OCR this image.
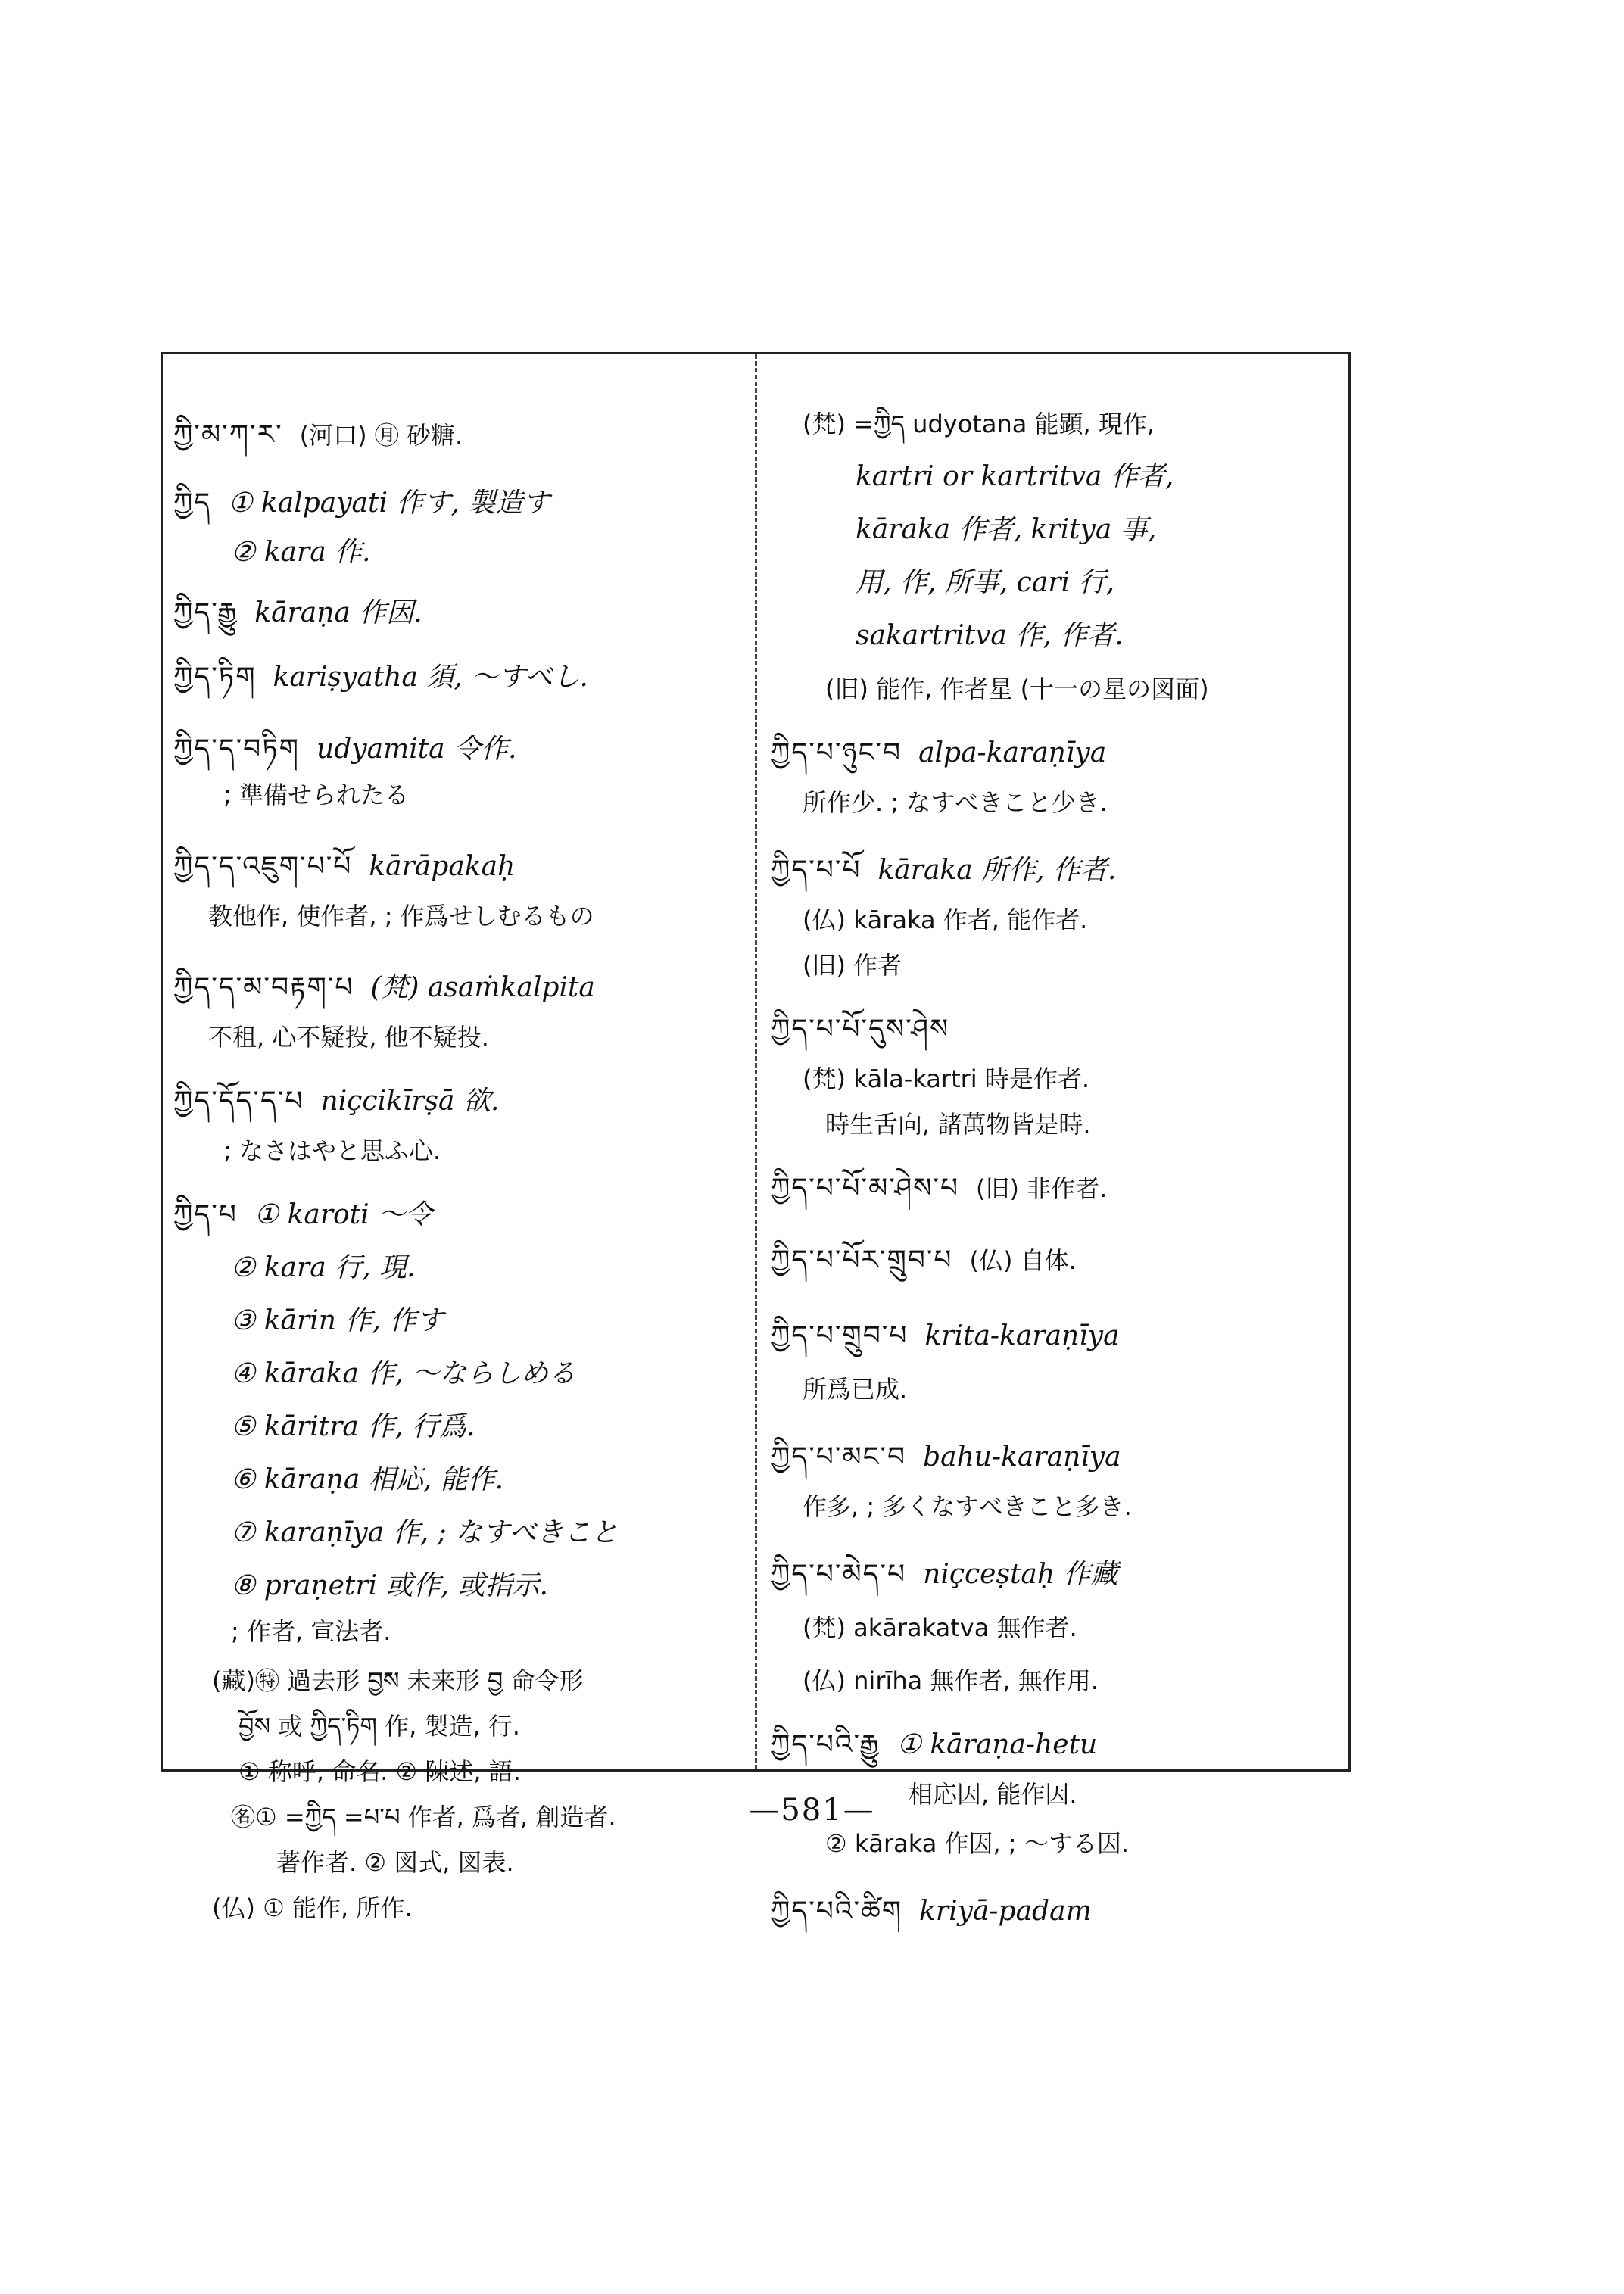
ཀྱི་མ་ཀ་ར་ (河口) ㊊ 砂糖.
ཀྱིད ① kalpayati 作す, 製造す
② kara 作.
ཀྱིད་རྒྱུ kāraṇa 作因.
ཀྱིད་ཏིག kariṣyatha 須, 〜すべし.
ཀྱིད་ད་བཏིག udyamita 令作.
; 準備せられたる
ཀྱིད་ད་འཇུག་པ་པོ kārāpakaḥ
教他作, 使作者, ; 作爲せしむるもの
ཀྱིད་ད་མ་བརྟག་པ (梵) asaṁkalpita
不租, 心不疑投, 他不疑投.
ཀྱིད་དོད་ད་པ niçcikīrṣā 欲.
; なさはやと思ふ心.
ཀྱིད་པ ① karoti 〜令
② kara 行, 現.
③ kārin 作, 作す
④ kāraka 作, 〜ならしめる
⑤ kāritra 作, 行爲.
⑥ kāraṇa 相応, 能作.
⑦ karaṇīya 作, ; なすべきこと
⑧ praṇetri 或作, 或指示.
; 作者, 宣法者.
(藏)㊕ 過去形 བྱས 未来形 བྱ 命令形
བྱོས 或 ཀྱིད་ཏིག 作, 製造, 行.
① 称呼, 命名. ② 陳述, 語.
㊔① =ཀྱིད =པ་པ 作者, 爲者, 創造者.
著作者. ② 図式, 図表.
(仏) ① 能作, 所作.
(梵) =ཀྱིད udyotana 能顕, 現作,
kartri or kartritva 作者,
kāraka 作者, kritya 事,
用, 作, 所事, cari 行,
sakartritva 作, 作者.
(旧) 能作, 作者星 (十一の星の図面)
ཀྱིད་པ་ཉུང་བ alpa-karaṇīya
所作少. ; なすべきこと少き.
ཀྱིད་པ་པོ kāraka 所作, 作者.
(仏) kāraka 作者, 能作者.
(旧) 作者
ཀྱིད་པ་པོ་དུས་ཤེས
(梵) kāla-kartri 時是作者.
時生舌向, 諸萬物皆是時.
ཀྱིད་པ་པོ་མ་ཤེས་པ (旧) 非作者.
ཀྱིད་པ་པོར་གྲུབ་པ (仏) 自体.
ཀྱིད་པ་གྲུབ་པ krita-karaṇīya
所爲已成.
ཀྱིད་པ་མང་བ bahu-karaṇīya
作多, ; 多くなすべきこと多き.
ཀྱིད་པ་མེད་པ niçceṣtaḥ 作藏
(梵) akārakatva 無作者.
(仏) nirīha 無作者, 無作用.
ཀྱིད་པའི་རྒྱུ ① kāraṇa-hetu
相応因, 能作因.
② kāraka 作因, ; 〜する因.
ཀྱིད་པའི་ཚིག kriyā-padam
—581—
